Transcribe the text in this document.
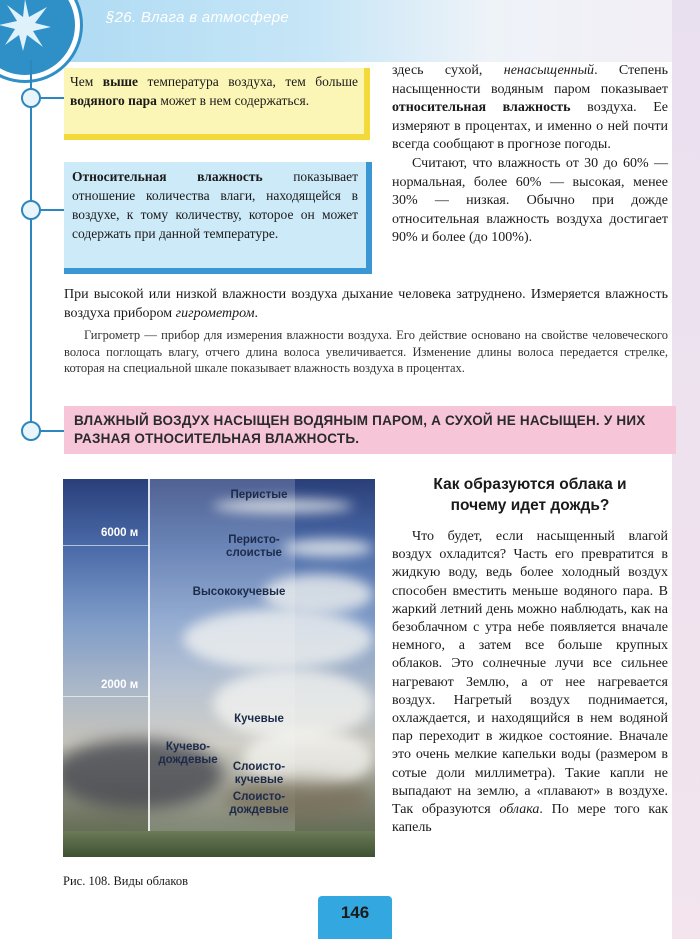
§26. Влага в атмосфере
Чем выше температура воздуха, тем больше водяного пара может в нем содержаться.
Относительная влажность показывает отношение количества влаги, находящейся в воздухе, к тому количеству, которое он может содержать при данной температуре.

здесь сухой, ненасыщенный. Степень насыщенности водяным паром показывает относительная влажность воздуха. Ее измеряют в процентах, и именно о ней почти всегда сообщают в прогнозе погоды.

Считают, что влажность от 30 до 60% — нормальная, более 60% — высокая, менее 30% — низкая. Обычно при дожде относительная влажность воздуха достигает 90% и более (до 100%).

При высокой или низкой влажности воздуха дыхание человека затруднено. Измеряется влажность воздуха прибором гигрометром.
Гигрометр — прибор для измерения влажности воздуха. Его действие основано на свойстве человеческого волоса поглощать влагу, отчего длина волоса увеличивается. Изменение длины волоса передается стрелке, которая на специальной шкале показывает влажность воздуха в процентах.
ВЛАЖНЫЙ ВОЗДУХ НАСЫЩЕН ВОДЯНЫМ ПАРОМ, А СУХОЙ НЕ НАСЫЩЕН. У НИХ РАЗНАЯ ОТНОСИТЕЛЬНАЯ ВЛАЖНОСТЬ.
6000 м
2000 м
Перистые
Перисто-
слоистые
Высококучевые
Кучевые
Кучево-
дождевые
Слоисто-
кучевые
Слоисто-
дождевые
Рис. 108. Виды облаков
Как образуются облака и
почему идет дождь?
Что будет, если насыщенный влагой воздух охладится? Часть его превратится в жидкую воду, ведь более холодный воздух способен вместить меньше водяного пара. В жаркий летний день можно наблюдать, как на безоблачном с утра небе появляется вначале немного, а затем все больше крупных облаков. Это солнечные лучи все сильнее нагревают Землю, а от нее нагревается воздух. Нагретый воздух поднимается, охлаждается, и находящийся в нем водяной пар переходит в жидкое состояние. Вначале это очень мелкие капельки воды (размером в сотые доли миллиметра). Такие капли не выпадают на землю, а «плавают» в воздухе. Так образуются облака. По мере того как капель
146
